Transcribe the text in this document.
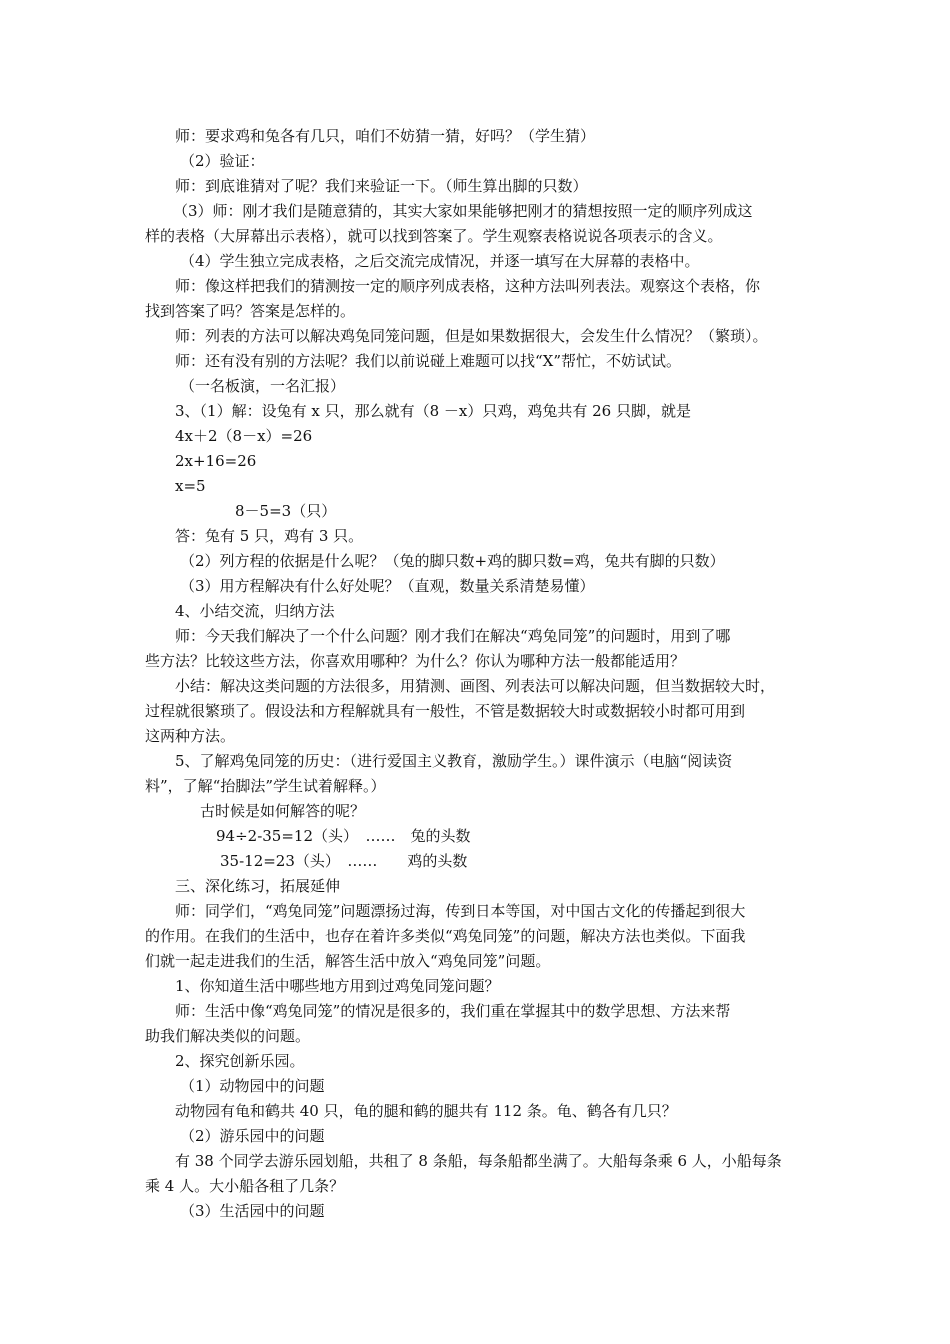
师：要求鸡和兔各有几只，咱们不妨猜一猜，好吗？（学生猜）
（2）验证：
师：到底谁猜对了呢？我们来验证一下。（师生算出脚的只数）
（3）师：刚才我们是随意猜的，其实大家如果能够把刚才的猜想按照一定的顺序列成这
样的表格（大屏幕出示表格），就可以找到答案了。学生观察表格说说各项表示的含义。
（4）学生独立完成表格，之后交流完成情况，并逐一填写在大屏幕的表格中。
师：像这样把我们的猜测按一定的顺序列成表格，这种方法叫列表法。观察这个表格，你
找到答案了吗？答案是怎样的。
师：列表的方法可以解决鸡兔同笼问题，但是如果数据很大，会发生什么情况？（繁琐）。
师：还有没有别的方法呢？我们以前说碰上难题可以找“X”帮忙，不妨试试。
（一名板演，一名汇报）
3、（1）解：设兔有 x 只，那么就有（8 －x）只鸡，鸡兔共有 26 只脚，就是
4x＋2（8－x）=26
2x+16=26
x=5
8－5=3（只）
答：兔有 5 只，鸡有 3 只。
（2）列方程的依据是什么呢？（兔的脚只数+鸡的脚只数=鸡，兔共有脚的只数）
（3）用方程解决有什么好处呢？（直观，数量关系清楚易懂）
4、小结交流，归纳方法
师：今天我们解决了一个什么问题？刚才我们在解决“鸡兔同笼”的问题时，用到了哪
些方法？比较这些方法，你喜欢用哪种？为什么？你认为哪种方法一般都能适用？
小结：解决这类问题的方法很多，用猜测、画图、列表法可以解决问题，但当数据较大时，
过程就很繁琐了。假设法和方程解就具有一般性，不管是数据较大时或数据较小时都可用到
这两种方法。
5、了解鸡兔同笼的历史：（进行爱国主义教育，激励学生。）课件演示（电脑“阅读资
料”，了解“抬脚法”学生试着解释。）
古时候是如何解答的呢？
94÷2-35=12（头）　……　兔的头数
35-12=23（头）　……　　鸡的头数
三、深化练习，拓展延伸
师：同学们，“鸡兔同笼”问题漂扬过海，传到日本等国，对中国古文化的传播起到很大
的作用。在我们的生活中，也存在着许多类似“鸡兔同笼”的问题，解决方法也类似。下面我
们就一起走进我们的生活，解答生活中放入“鸡兔同笼”问题。
1、你知道生活中哪些地方用到过鸡兔同笼问题？
师：生活中像“鸡兔同笼”的情况是很多的，我们重在掌握其中的数学思想、方法来帮
助我们解决类似的问题。
2、探究创新乐园。
（1）动物园中的问题
动物园有龟和鹤共 40 只，龟的腿和鹤的腿共有 112 条。龟、鹤各有几只？
（2）游乐园中的问题
有 38 个同学去游乐园划船，共租了 8 条船，每条船都坐满了。大船每条乘 6 人，小船每条
乘 4 人。大小船各租了几条？
（3）生活园中的问题
